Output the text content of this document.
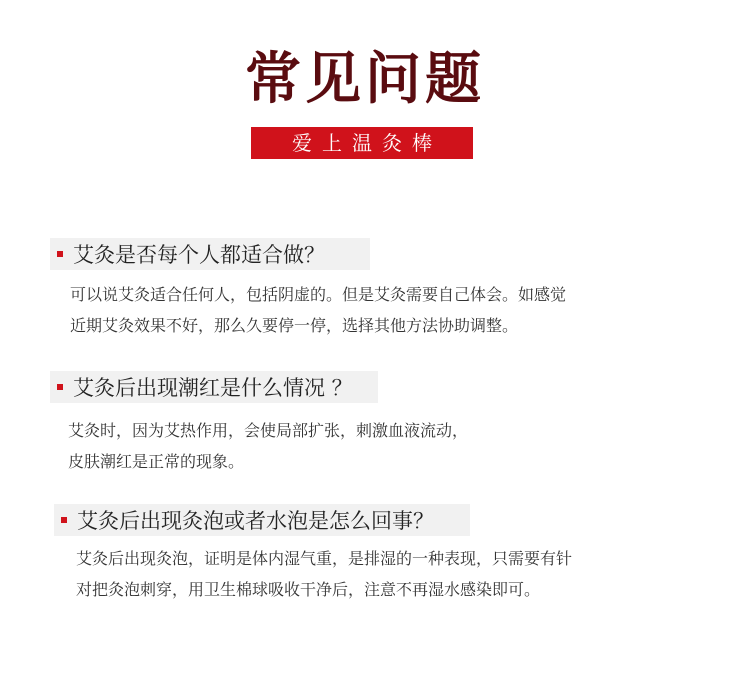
常见问题
爱上温灸棒
艾灸是否每个人都适合做？
可以说艾灸适合任何人，包括阴虚的。但是艾灸需要自己体会。如感觉
近期艾灸效果不好，那么久要停一停，选择其他方法协助调整。
艾灸后出现潮红是什么情况 ？
艾灸时，因为艾热作用，会使局部扩张，刺激血液流动，
皮肤潮红是正常的现象。
艾灸后出现灸泡或者水泡是怎么回事？
艾灸后出现灸泡，证明是体内湿气重，是排湿的一种表现，只需要有针
对把灸泡刺穿，用卫生棉球吸收干净后，注意不再湿水感染即可。
